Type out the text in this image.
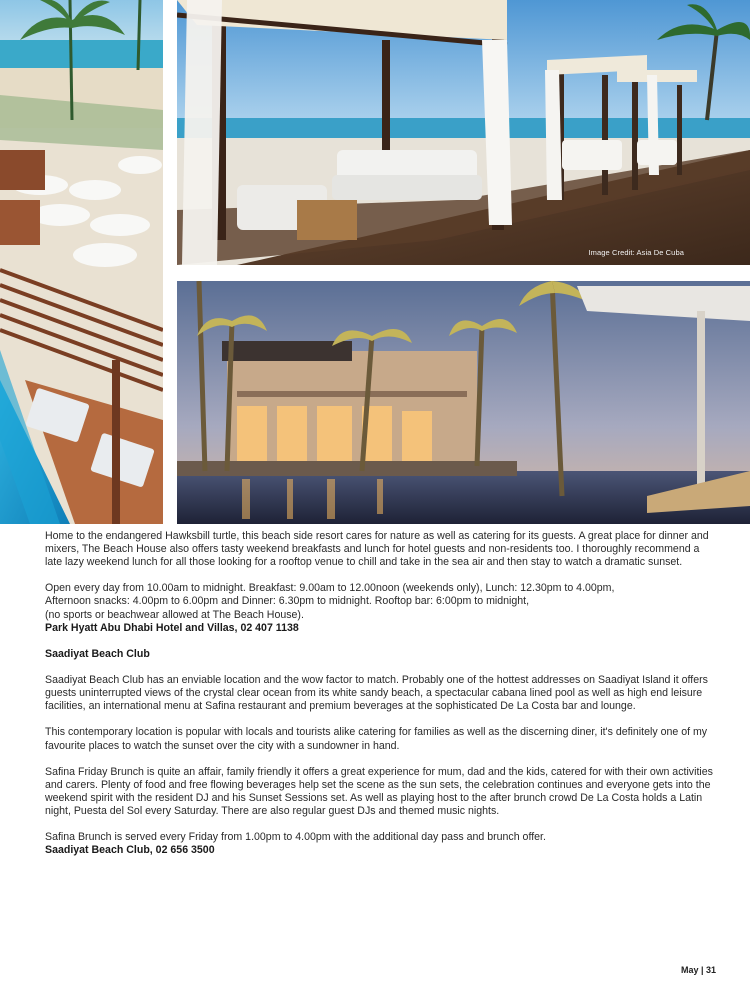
Image Credit: Asia De Cuba

Home to the endangered Hawksbill turtle, this beach side resort cares for nature as well as catering for its guests. A great place for dinner and mixers, The Beach House also offers tasty weekend breakfasts and lunch for hotel guests and non-residents too. I thoroughly recommend a late lazy weekend lunch for all those looking for a rooftop venue to chill and take in the sea air and then stay to watch a dramatic sunset.

Open every day from 10.00am to midnight. Breakfast: 9.00am to 12.00noon (weekends only), Lunch: 12.30pm to 4.00pm,
Afternoon snacks: 4.00pm to 6.00pm and Dinner: 6.30pm to midnight. Rooftop bar: 6:00pm to midnight,
(no sports or beachwear allowed at The Beach House).

Park Hyatt Abu Dhabi Hotel and Villas, 02 407 1138

Saadiyat Beach Club

Saadiyat Beach Club has an enviable location and the wow factor to match. Probably one of the hottest addresses on Saadiyat Island it offers guests uninterrupted views of the crystal clear ocean from its white sandy beach, a spectacular cabana lined pool as well as high end leisure facilities, an international menu at Safina restaurant and premium beverages at the sophisticated De La Costa bar and lounge.

This contemporary location is popular with locals and tourists alike catering for families as well as the discerning diner, it's definitely one of my favourite places to watch the sunset over the city with a sundowner in hand.

Safina Friday Brunch is quite an affair, family friendly it offers a great experience for mum, dad and the kids, catered for with their own activities and carers. Plenty of food and free flowing beverages help set the scene as the sun sets, the celebration continues and everyone gets into the weekend spirit with the resident DJ and his Sunset Sessions set. As well as playing host to the after brunch crowd De La Costa holds a Latin night, Puesta del Sol every Saturday. There are also regular guest DJs and themed music nights.

Safina Brunch is served every Friday from 1.00pm to 4.00pm with the additional day pass and brunch offer.

Saadiyat Beach Club, 02 656 3500

May | 31
